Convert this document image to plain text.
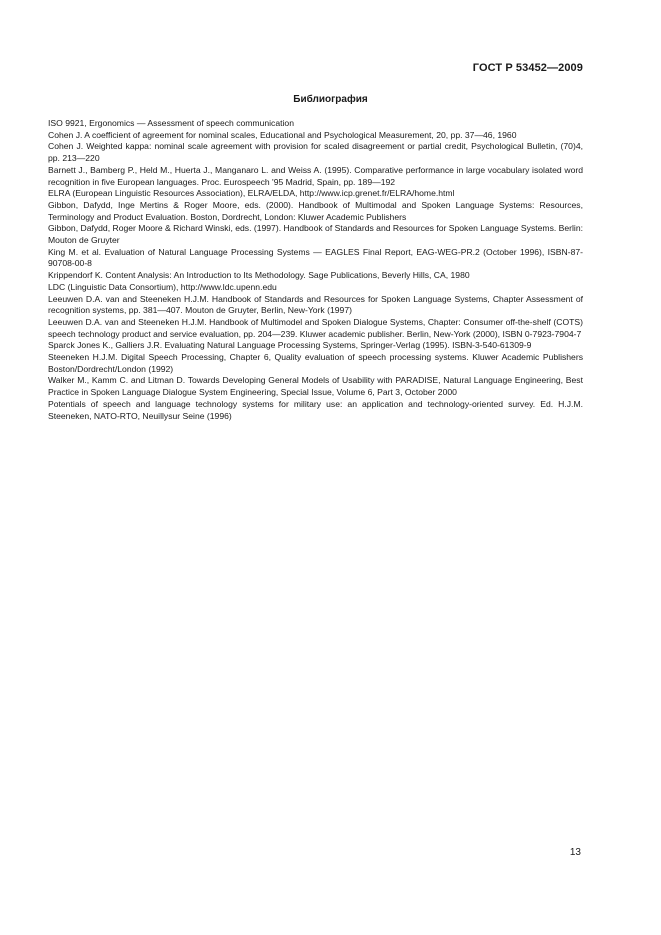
ГОСТ Р 53452—2009
Библиография
ISO 9921, Ergonomics — Assessment of speech communication
Cohen J. A coefficient of agreement for nominal scales, Educational and Psychological Measurement, 20, pp. 37—46, 1960
Cohen J. Weighted kappa: nominal scale agreement with provision for scaled disagreement or partial credit, Psychological Bulletin, (70)4, pp. 213—220
Barnett J., Bamberg P., Held M., Huerta J., Manganaro L. and Weiss A. (1995). Comparative performance in large vocabulary isolated word recognition in five European languages. Proc. Eurospeech '95 Madrid, Spain, pp. 189—192
ELRA (European Linguistic Resources Association), ELRA/ELDA, http://www.icp.grenet.fr/ELRA/home.html
Gibbon, Dafydd, Inge Mertins & Roger Moore, eds. (2000). Handbook of Multimodal and Spoken Language Systems: Resources, Terminology and Product Evaluation. Boston, Dordrecht, London: Kluwer Academic Publishers
Gibbon, Dafydd, Roger Moore & Richard Winski, eds. (1997). Handbook of Standards and Resources for Spoken Language Systems. Berlin: Mouton de Gruyter
King M. et al. Evaluation of Natural Language Processing Systems — EAGLES Final Report, EAG-WEG-PR.2 (October 1996), ISBN-87-90708-00-8
Krippendorf K. Content Analysis: An Introduction to Its Methodology. Sage Publications, Beverly Hills, CA, 1980
LDC (Linguistic Data Consortium), http://www.ldc.upenn.edu
Leeuwen D.A. van and Steeneken H.J.M. Handbook of Standards and Resources for Spoken Language Systems, Chapter Assessment of recognition systems, pp. 381—407. Mouton de Gruyter, Berlin, New-York (1997)
Leeuwen D.A. van and Steeneken H.J.M. Handbook of Multimodel and Spoken Dialogue Systems, Chapter: Consumer off-the-shelf (COTS) speech technology product and service evaluation, pp. 204—239. Kluwer academic publisher. Berlin, New-York (2000), ISBN 0-7923-7904-7
Sparck Jones K., Galliers J.R. Evaluating Natural Language Processing Systems, Springer-Verlag (1995). ISBN-3-540-61309-9
Steeneken H.J.M. Digital Speech Processing, Chapter 6, Quality evaluation of speech processing systems. Kluwer Academic Publishers Boston/Dordrecht/London (1992)
Walker M., Kamm C. and Litman D. Towards Developing General Models of Usability with PARADISE, Natural Language Engineering, Best Practice in Spoken Language Dialogue System Engineering, Special Issue, Volume 6, Part 3, October 2000
Potentials of speech and language technology systems for military use: an application and technology-oriented survey. Ed. H.J.M. Steeneken, NATO-RTO, Neuillysur Seine (1996)
13
